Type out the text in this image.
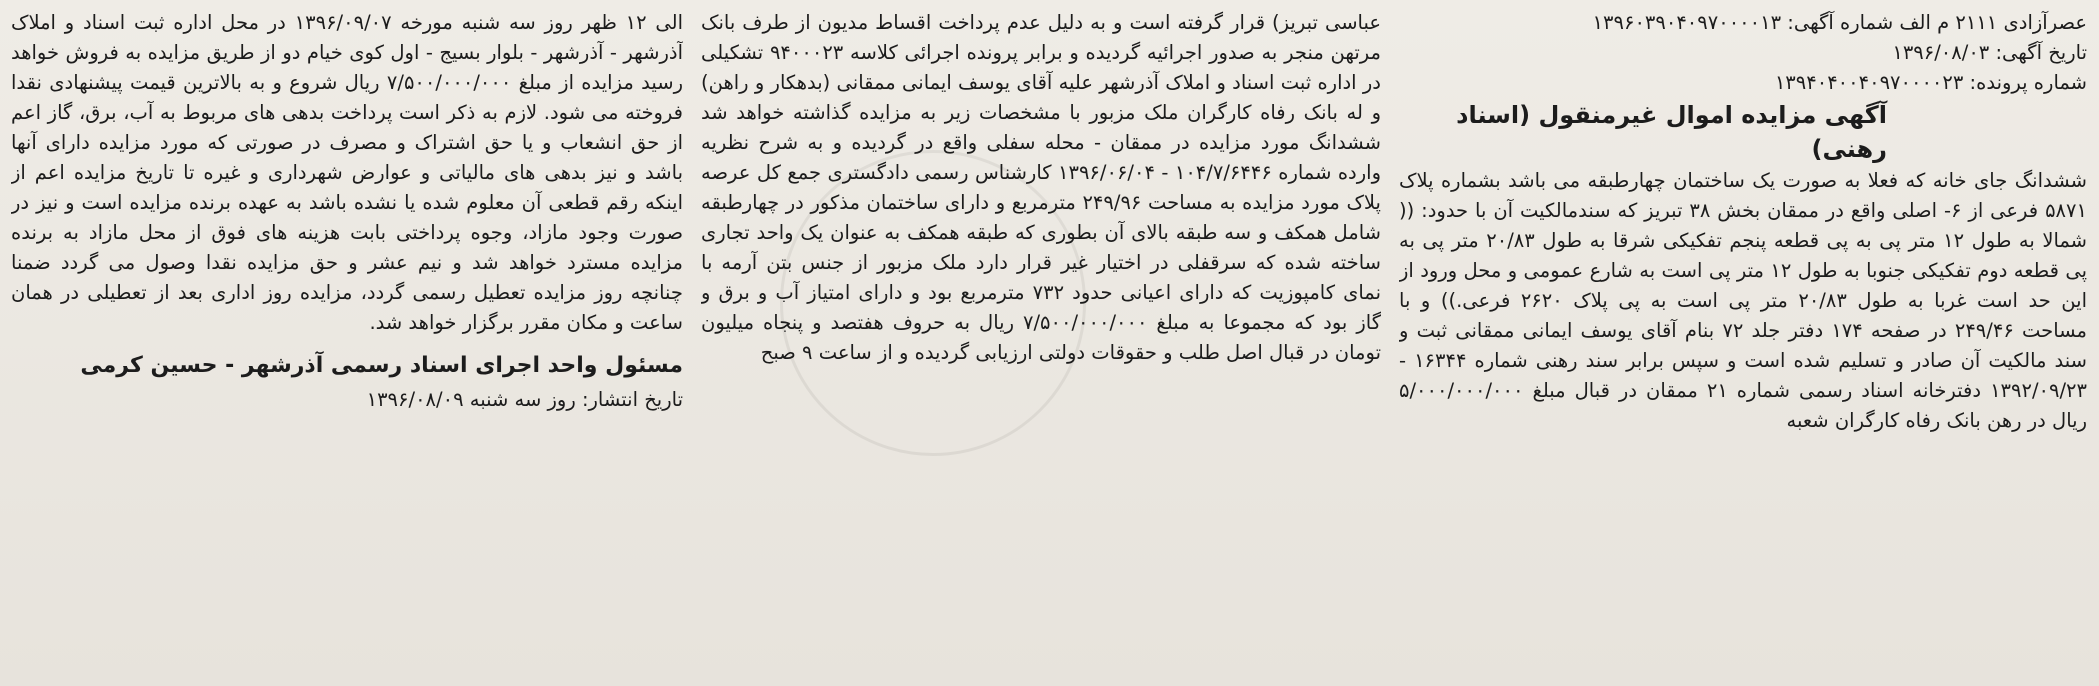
عصرآزادی ۲۱۱۱ م الف شماره آگهی: ۱۳۹۶۰۳۹۰۴۰۹۷۰۰۰۰۱۳
تاریخ آگهی: ۱۳۹۶/۰۸/۰۳
شماره پرونده: ۱۳۹۴۰۴۰۰۴۰۹۷۰۰۰۰۲۳
آگهی مزایده اموال غیرمنقول (اسناد رهنی)

ششدانگ جای خانه که فعلا به صورت یک ساختمان چهارطبقه می باشد بشماره پلاک ۵۸۷۱ فرعی از ۶- اصلی واقع در ممقان بخش ۳۸ تبریز که سندمالکیت آن با حدود: (( شمالا به طول ۱۲ متر پی به پی قطعه پنجم تفکیکی شرقا به طول ۲۰/۸۳ متر پی به پی قطعه دوم تفکیکی جنوبا به طول ۱۲ متر پی است به شارع عمومی و محل ورود از این حد است غربا به طول ۲۰/۸۳ متر پی است به پی پلاک ۲۶۲۰ فرعی.)) و با مساحت ۲۴۹/۴۶ در صفحه ۱۷۴ دفتر جلد ۷۲ بنام آقای یوسف ایمانی ممقانی ثبت و سند مالکیت آن صادر و تسلیم شده است و سپس برابر سند رهنی شماره ۱۶۳۴۴ - ۱۳۹۲/۰۹/۲۳ دفترخانه اسناد رسمی شماره ۲۱ ممقان در قبال مبلغ ۵/۰۰۰/۰۰۰/۰۰۰ ریال در رهن بانک رفاه کارگران شعبه

عباسی تبریز) قرار گرفته است و به دلیل عدم پرداخت اقساط مدیون از طرف بانک مرتهن منجر به صدور اجرائیه گردیده و برابر پرونده اجرائی کلاسه ۹۴۰۰۰۲۳ تشکیلی در اداره ثبت اسناد و املاک آذرشهر علیه آقای یوسف ایمانی ممقانی (بدهکار و راهن) و له بانک رفاه کارگران ملک مزبور با مشخصات زیر به مزایده گذاشته خواهد شد ششدانگ مورد مزایده در ممقان - محله سفلی واقع در گردیده و به شرح نظریه وارده شماره ۱۰۴/۷/۶۴۴۶ - ۱۳۹۶/۰۶/۰۴ کارشناس رسمی دادگستری جمع کل عرصه پلاک مورد مزایده به مساحت ۲۴۹/۹۶ مترمربع و دارای ساختمان مذکور در چهارطبقه شامل همکف و سه طبقه بالای آن بطوری که طبقه همکف به عنوان یک واحد تجاری ساخته شده که سرقفلی در اختیار غیر قرار دارد ملک مزبور از جنس بتن آرمه با نمای کامپوزیت که دارای اعیانی حدود ۷۳۲ مترمربع بود و دارای امتیاز آب و برق و گاز بود که مجموعا به مبلغ ۷/۵۰۰/۰۰۰/۰۰۰ ریال به حروف هفتصد و پنجاه میلیون تومان در قبال اصل طلب و حقوقات دولتی ارزیابی گردیده و از ساعت ۹ صبح

الی ۱۲ ظهر روز سه شنبه مورخه ۱۳۹۶/۰۹/۰۷ در محل اداره ثبت اسناد و املاک آذرشهر - آذرشهر - بلوار بسیج - اول کوی خیام دو از طریق مزایده به فروش خواهد رسید مزایده از مبلغ ۷/۵۰۰/۰۰۰/۰۰۰ ریال شروع و به بالاترین قیمت پیشنهادی نقدا فروخته می شود. لازم به ذکر است پرداخت بدهی های مربوط به آب، برق، گاز اعم از حق انشعاب و یا حق اشتراک و مصرف در صورتی که مورد مزایده دارای آنها باشد و نیز بدهی های مالیاتی و عوارض شهرداری و غیره تا تاریخ مزایده اعم از اینکه رقم قطعی آن معلوم شده یا نشده باشد به عهده برنده مزایده است و نیز در صورت وجود مازاد، وجوه پرداختی بابت هزینه های فوق از محل مازاد به برنده مزایده مسترد خواهد شد و نیم عشر و حق مزایده نقدا وصول می گردد ضمنا چنانچه روز مزایده تعطیل رسمی گردد، مزایده روز اداری بعد از تعطیلی در همان ساعت و مکان مقرر برگزار خواهد شد.

مسئول واحد اجرای اسناد رسمی آذرشهر - حسین کرمی
تاریخ انتشار: روز سه شنبه ۱۳۹۶/۰۸/۰۹
